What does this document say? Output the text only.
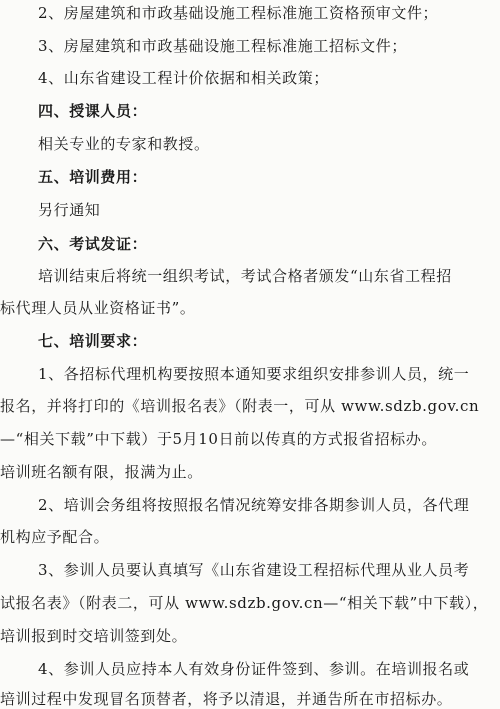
2、房屋建筑和市政基础设施工程标准施工资格预审文件；
3、房屋建筑和市政基础设施工程标准施工招标文件；
4、山东省建设工程计价依据和相关政策；
四、授课人员：
相关专业的专家和教授。
五、培训费用：
另行通知
六、考试发证：
培训结束后将统一组织考试，考试合格者颁发“山东省工程招
标代理人员从业资格证书”。
七、培训要求：
1、各招标代理机构要按照本通知要求组织安排参训人员，统一
报名，并将打印的《培训报名表》（附表一，可从 www.sdzb.gov.cn
—“相关下载”中下载）于5月10日前以传真的方式报省招标办。
培训班名额有限，报满为止。
2、培训会务组将按照报名情况统筹安排各期参训人员，各代理
机构应予配合。
3、参训人员要认真填写《山东省建设工程招标代理从业人员考
试报名表》（附表二，可从 www.sdzb.gov.cn—“相关下载”中下载），
培训报到时交培训签到处。
4、参训人员应持本人有效身份证件签到、参训。在培训报名或
培训过程中发现冒名顶替者，将予以清退，并通告所在市招标办。
